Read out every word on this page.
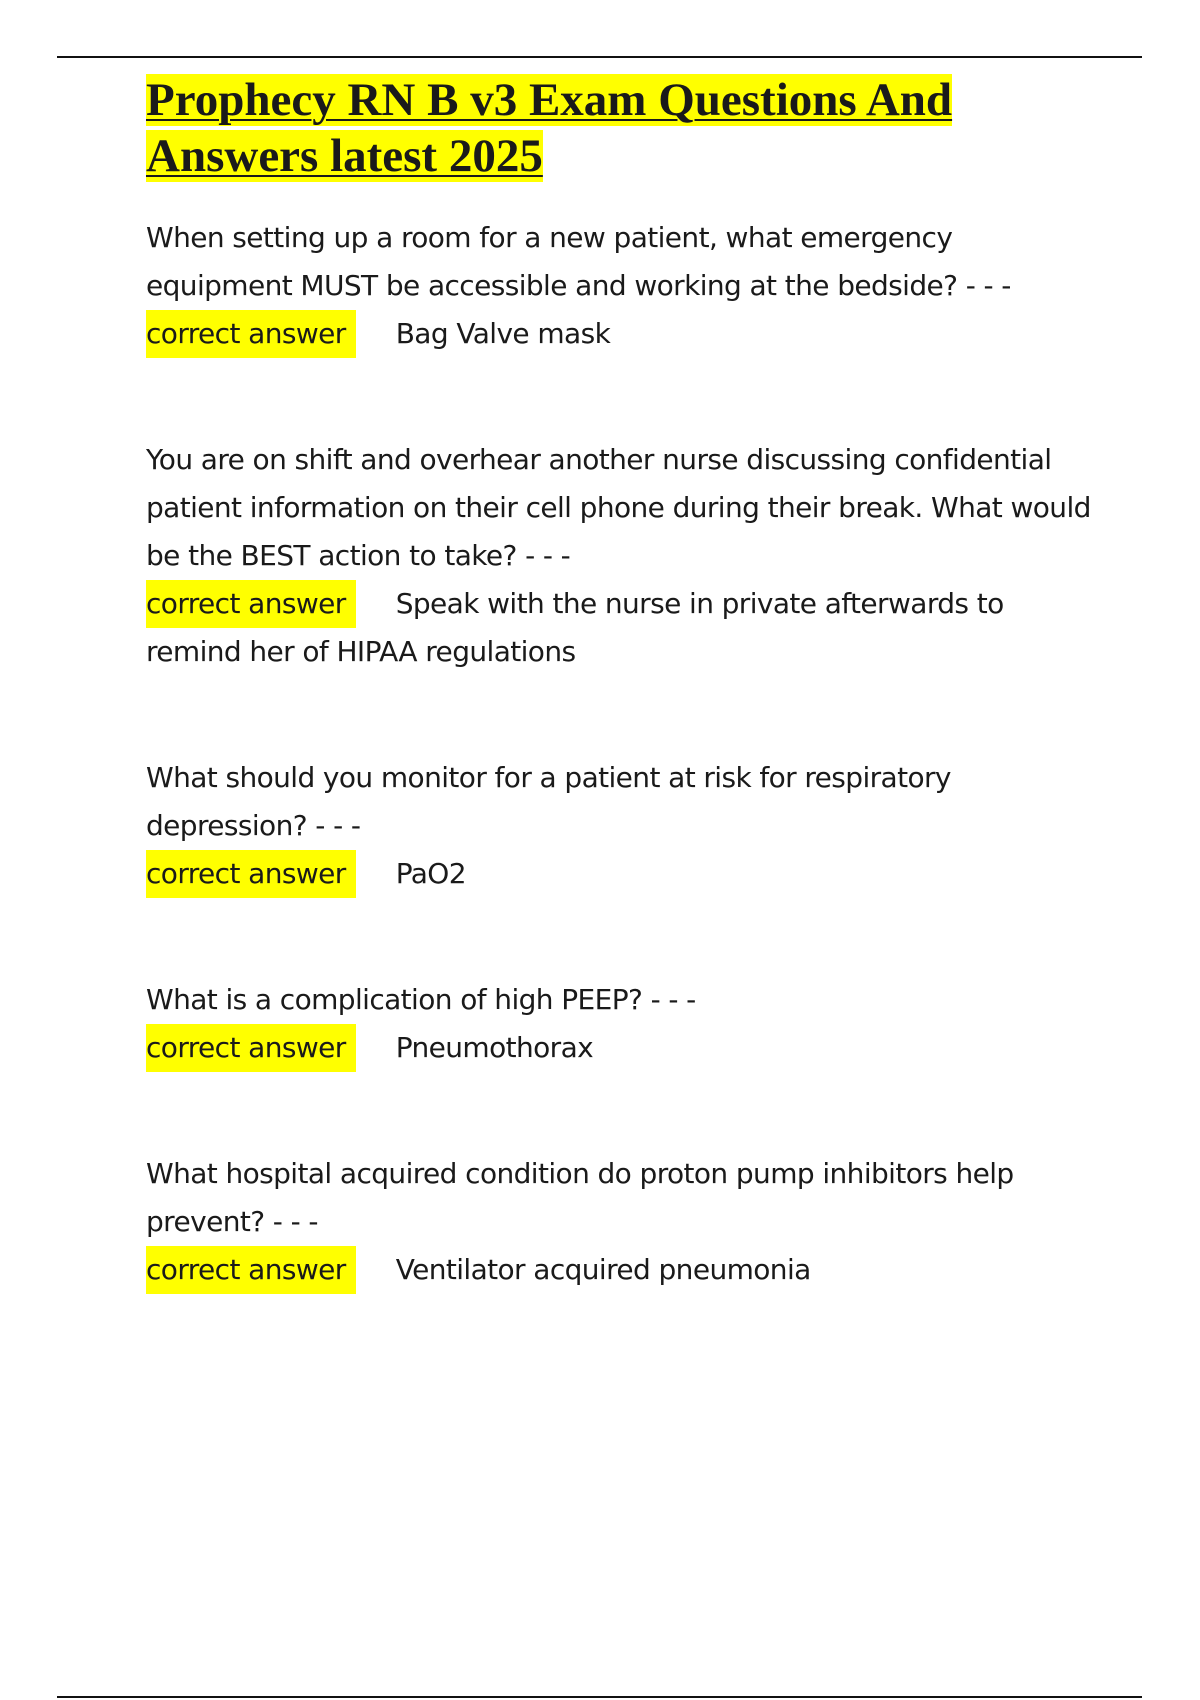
Prophecy RN B v3 Exam Questions And
Answers latest 2025
When setting up a room for a new patient, what emergency equipment MUST be accessible and working at the bedside? - - -
correct answer Bag Valve mask
You are on shift and overhear another nurse discussing confidential patient information on their cell phone during their break. What would be the BEST action to take? - - -
correct answer Speak with the nurse in private afterwards to remind her of HIPAA regulations
What should you monitor for a patient at risk for respiratory depression? - - -
correct answer PaO2
What is a complication of high PEEP? - - -
correct answer Pneumothorax
What hospital acquired condition do proton pump inhibitors help prevent? - - -
correct answer Ventilator acquired pneumonia
